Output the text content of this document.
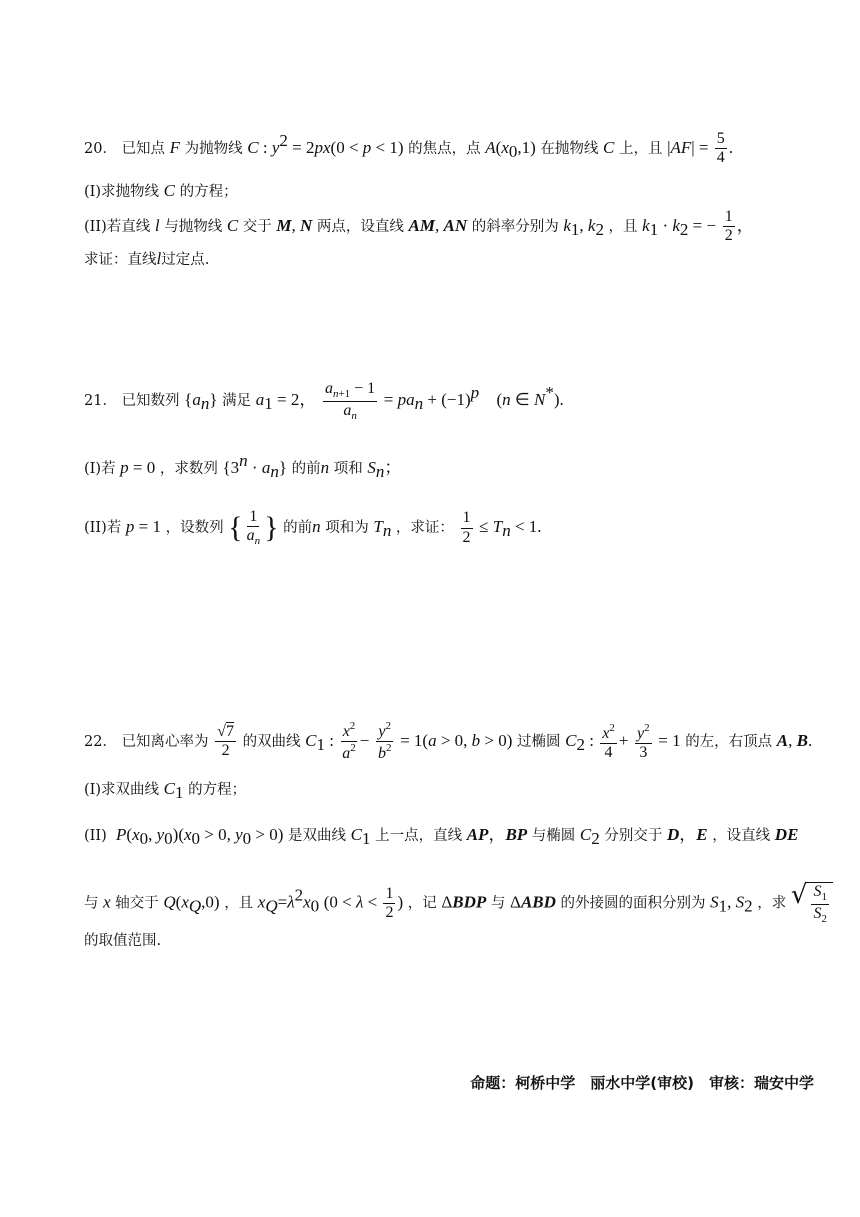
20． 已知点 F 为抛物线 C : $y^2 = 2px(0 < p < 1)$ 的焦点，点 $A(x_0,1)$ 在抛物线 C 上，且 $|AF| = \frac{5}{4}$ .
(I)求抛物线 C 的方程；
(II)若直线 l 与抛物线 C 交于 M, N 两点，设直线 AM, AN 的斜率分别为 $k_1$, $k_2$ ，且 $k_1 \cdot k_2$ = − $\frac{1}{2}$ ，
求证：直线l过定点.
21． 已知数列 $\{a_n\}$ 满足 $a_1 = 2$， $\frac{a_{n+1} - 1}{a_n} = pa_n + (-1)^p$    (n ∈ N*).
(I)若 p = 0 ，求数列 $\{3^n \cdot a_n\}$ 的前n 项和 $S_n$；
(II)若 p = 1 ，设数列 { $\frac{1}{a_n}$ } 的前n 项和为 $T_n$ ，求证： $\frac{1}{2} \le T_n < 1$.
22． 已知离心率为 $\frac{√7}{2}$ 的双曲线 $C_1$ : $\frac{x^2}{a^2} - \frac{y^2}{b^2} = 1(a > 0$, b > 0) 过椭圆 $C_2$ : $\frac{x^2}{4} + \frac{y^2}{3} = 1$ 的左，右顶点 A, B.
(I)求双曲线 $C_1$ 的方程；
(II) $P(x_0$, $y_0)(x_0 > 0$, $y_0 > 0$) 是双曲线 $C_1$ 上一点，直线 AP，BP 与椭圆 $C_2$ 分别交于 D，E ，设直线 DE
与 x 轴交于 $Q(x_Q,0)$ ，且 $x_Q=\lambda^2x_0$ ($0 < \lambda < \frac{1}{2}$ ) ，记 ΔBDP 与 ΔABD 的外接圆的面积分别为 $S_1$, $S_2$ ，求 √ $\frac{S_1}{S_2}$
的取值范围.
命题：柯桥中学　丽水中学(审校)　审核：瑞安中学
